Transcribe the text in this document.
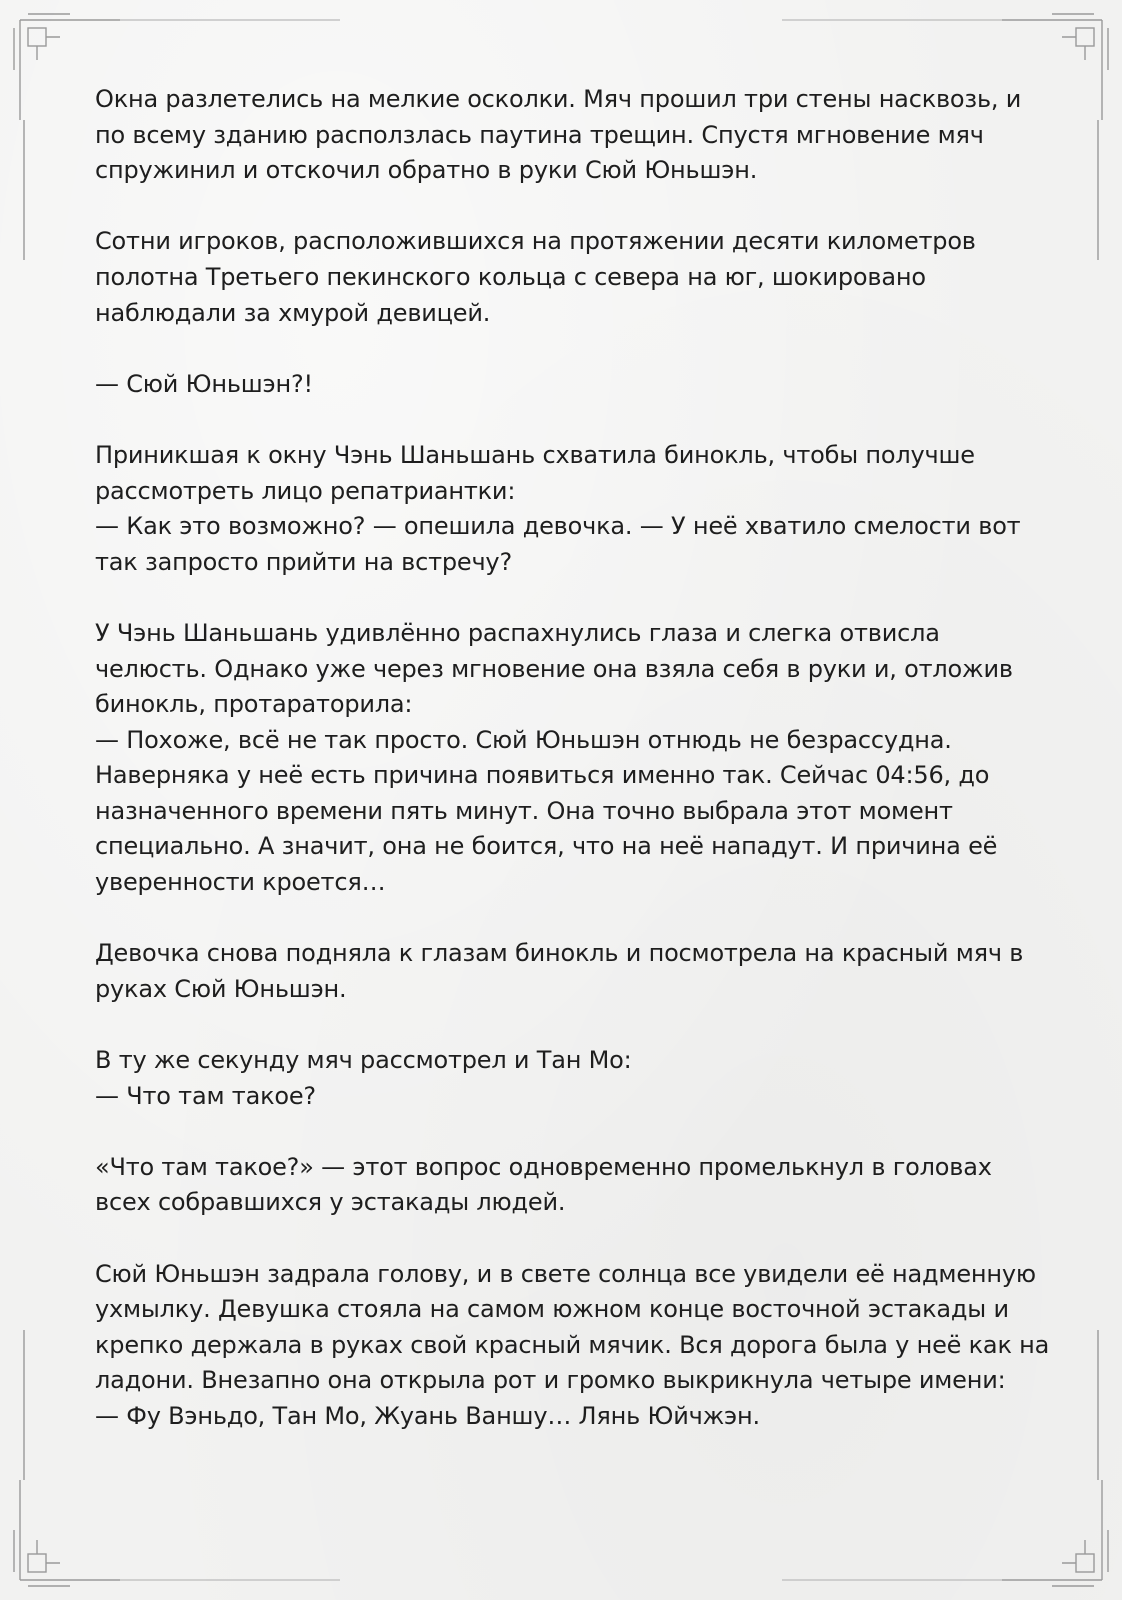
Окна разлетелись на мелкие осколки. Мяч прошил три стены насквозь, и
по всему зданию расползлась паутина трещин. Спустя мгновение мяч
спружинил и отскочил обратно в руки Сюй Юньшэн.

Сотни игроков, расположившихся на протяжении десяти километров
полотна Третьего пекинского кольца с севера на юг, шокировано
наблюдали за хмурой девицей.

— Сюй Юньшэн?!

Приникшая к окну Чэнь Шаньшань схватила бинокль, чтобы получше
рассмотреть лицо репатриантки:
— Как это возможно? — опешила девочка. — У неё хватило смелости вот
так запросто прийти на встречу?

У Чэнь Шаньшань удивлённо распахнулись глаза и слегка отвисла
челюсть. Однако уже через мгновение она взяла себя в руки и, отложив
бинокль, протараторила:
— Похоже, всё не так просто. Сюй Юньшэн отнюдь не безрассудна.
Наверняка у неё есть причина появиться именно так. Сейчас 04:56, до
назначенного времени пять минут. Она точно выбрала этот момент
специально. А значит, она не боится, что на неё нападут. И причина её
уверенности кроется…

Девочка снова подняла к глазам бинокль и посмотрела на красный мяч в
руках Сюй Юньшэн.

В ту же секунду мяч рассмотрел и Тан Мо:
— Что там такое?

«Что там такое?» — этот вопрос одновременно промелькнул в головах
всех собравшихся у эстакады людей.

Сюй Юньшэн задрала голову, и в свете солнца все увидели её надменную
ухмылку. Девушка стояла на самом южном конце восточной эстакады и
крепко держала в руках свой красный мячик. Вся дорога была у неё как на
ладони. Внезапно она открыла рот и громко выкрикнула четыре имени:
— Фу Вэньдо, Тан Мо, Жуань Ваншу… Лянь Юйчжэн.
